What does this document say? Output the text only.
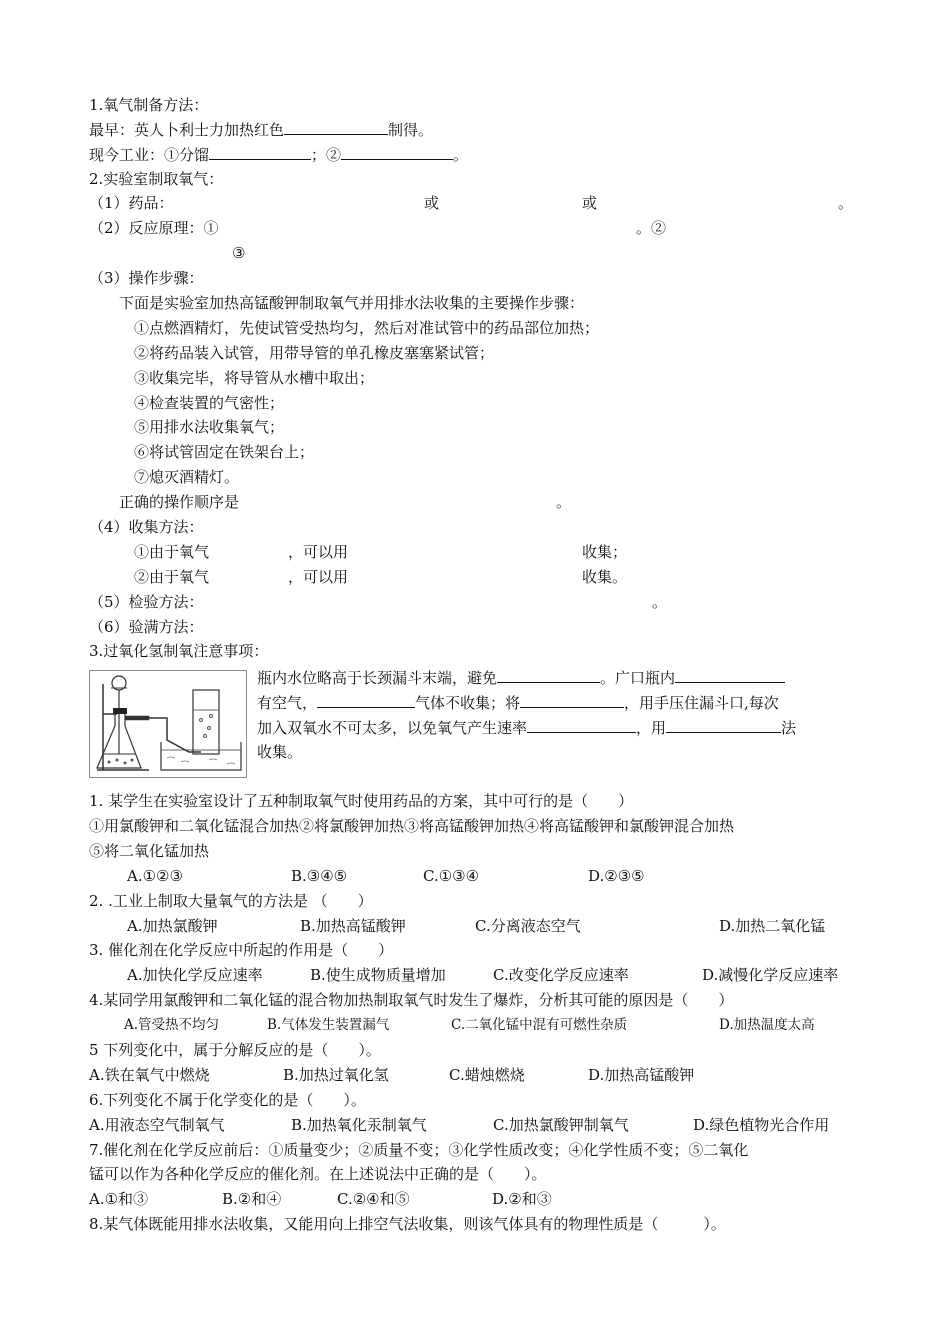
1.氧气制备方法：
最早：英人卜利士力加热红色	制得。
现今工业：①分馏	；②	。
2.实验室制取氧气：
（1）药品：	或	或	。
（2）反应原理：①	。②
③
（3）操作步骤：
下面是实验室加热高锰酸钾制取氧气并用排水法收集的主要操作步骤：
①点燃酒精灯，先使试管受热均匀，然后对准试管中的药品部位加热；
②将药品装入试管，用带导管的单孔橡皮塞塞紧试管；
③收集完毕，将导管从水槽中取出；
④检查装置的气密性；
⑤用排水法收集氧气；
⑥将试管固定在铁架台上；
⑦熄灭酒精灯。
正确的操作顺序是	。
（4）收集方法：
①由于氧气	，可以用	收集；
②由于氧气	，可以用	收集。
（5）检验方法：	。
（6）验满方法：
3.过氧化氢制氧注意事项：
瓶内水位略高于长颈漏斗末端，避免	。广口瓶内
有空气，	气体不收集；将	，用手压住漏斗口,每次
加入双氧水不可太多，以免氧气产生速率	，用	法
收集。
1. 某学生在实验室设计了五种制取氧气时使用药品的方案，其中可行的是（　　）
①用氯酸钾和二氧化锰混合加热②将氯酸钾加热③将高锰酸钾加热④将高锰酸钾和氯酸钾混合加热
⑤将二氧化锰加热
A.①②③	B.③④⑤	C.①③④	D.②③⑤
2. .工业上制取大量氧气的方法是 （　　）
A.加热氯酸钾	B.加热高锰酸钾	C.分离液态空气	D.加热二氧化锰
3. 催化剂在化学反应中所起的作用是（　　）
A.加快化学反应速率	B.使生成物质量增加	C.改变化学反应速率	D.减慢化学反应速率
4.某同学用氯酸钾和二氧化锰的混合物加热制取氧气时发生了爆炸，分析其可能的原因是（　　）
A.管受热不均匀	B.气体发生装置漏气	C.二氧化锰中混有可燃性杂质	D.加热温度太高
5 下列变化中，属于分解反应的是（　　）。
A.铁在氧气中燃烧	B.加热过氧化氢	C.蜡烛燃烧	D.加热高锰酸钾
6.下列变化不属于化学变化的是（　　）。
A.用液态空气制氧气	B.加热氧化汞制氧气	C.加热氯酸钾制氧气	D.绿色植物光合作用
7.催化剂在化学反应前后：①质量变少；②质量不变；③化学性质改变；④化学性质不变；⑤二氧化
锰可以作为各种化学反应的催化剂。在上述说法中正确的是（　　）。
A.①和③	B.②和④	C.②④和⑤	D.②和③
8.某气体既能用排水法收集，又能用向上排空气法收集，则该气体具有的物理性质是（　　　）。
